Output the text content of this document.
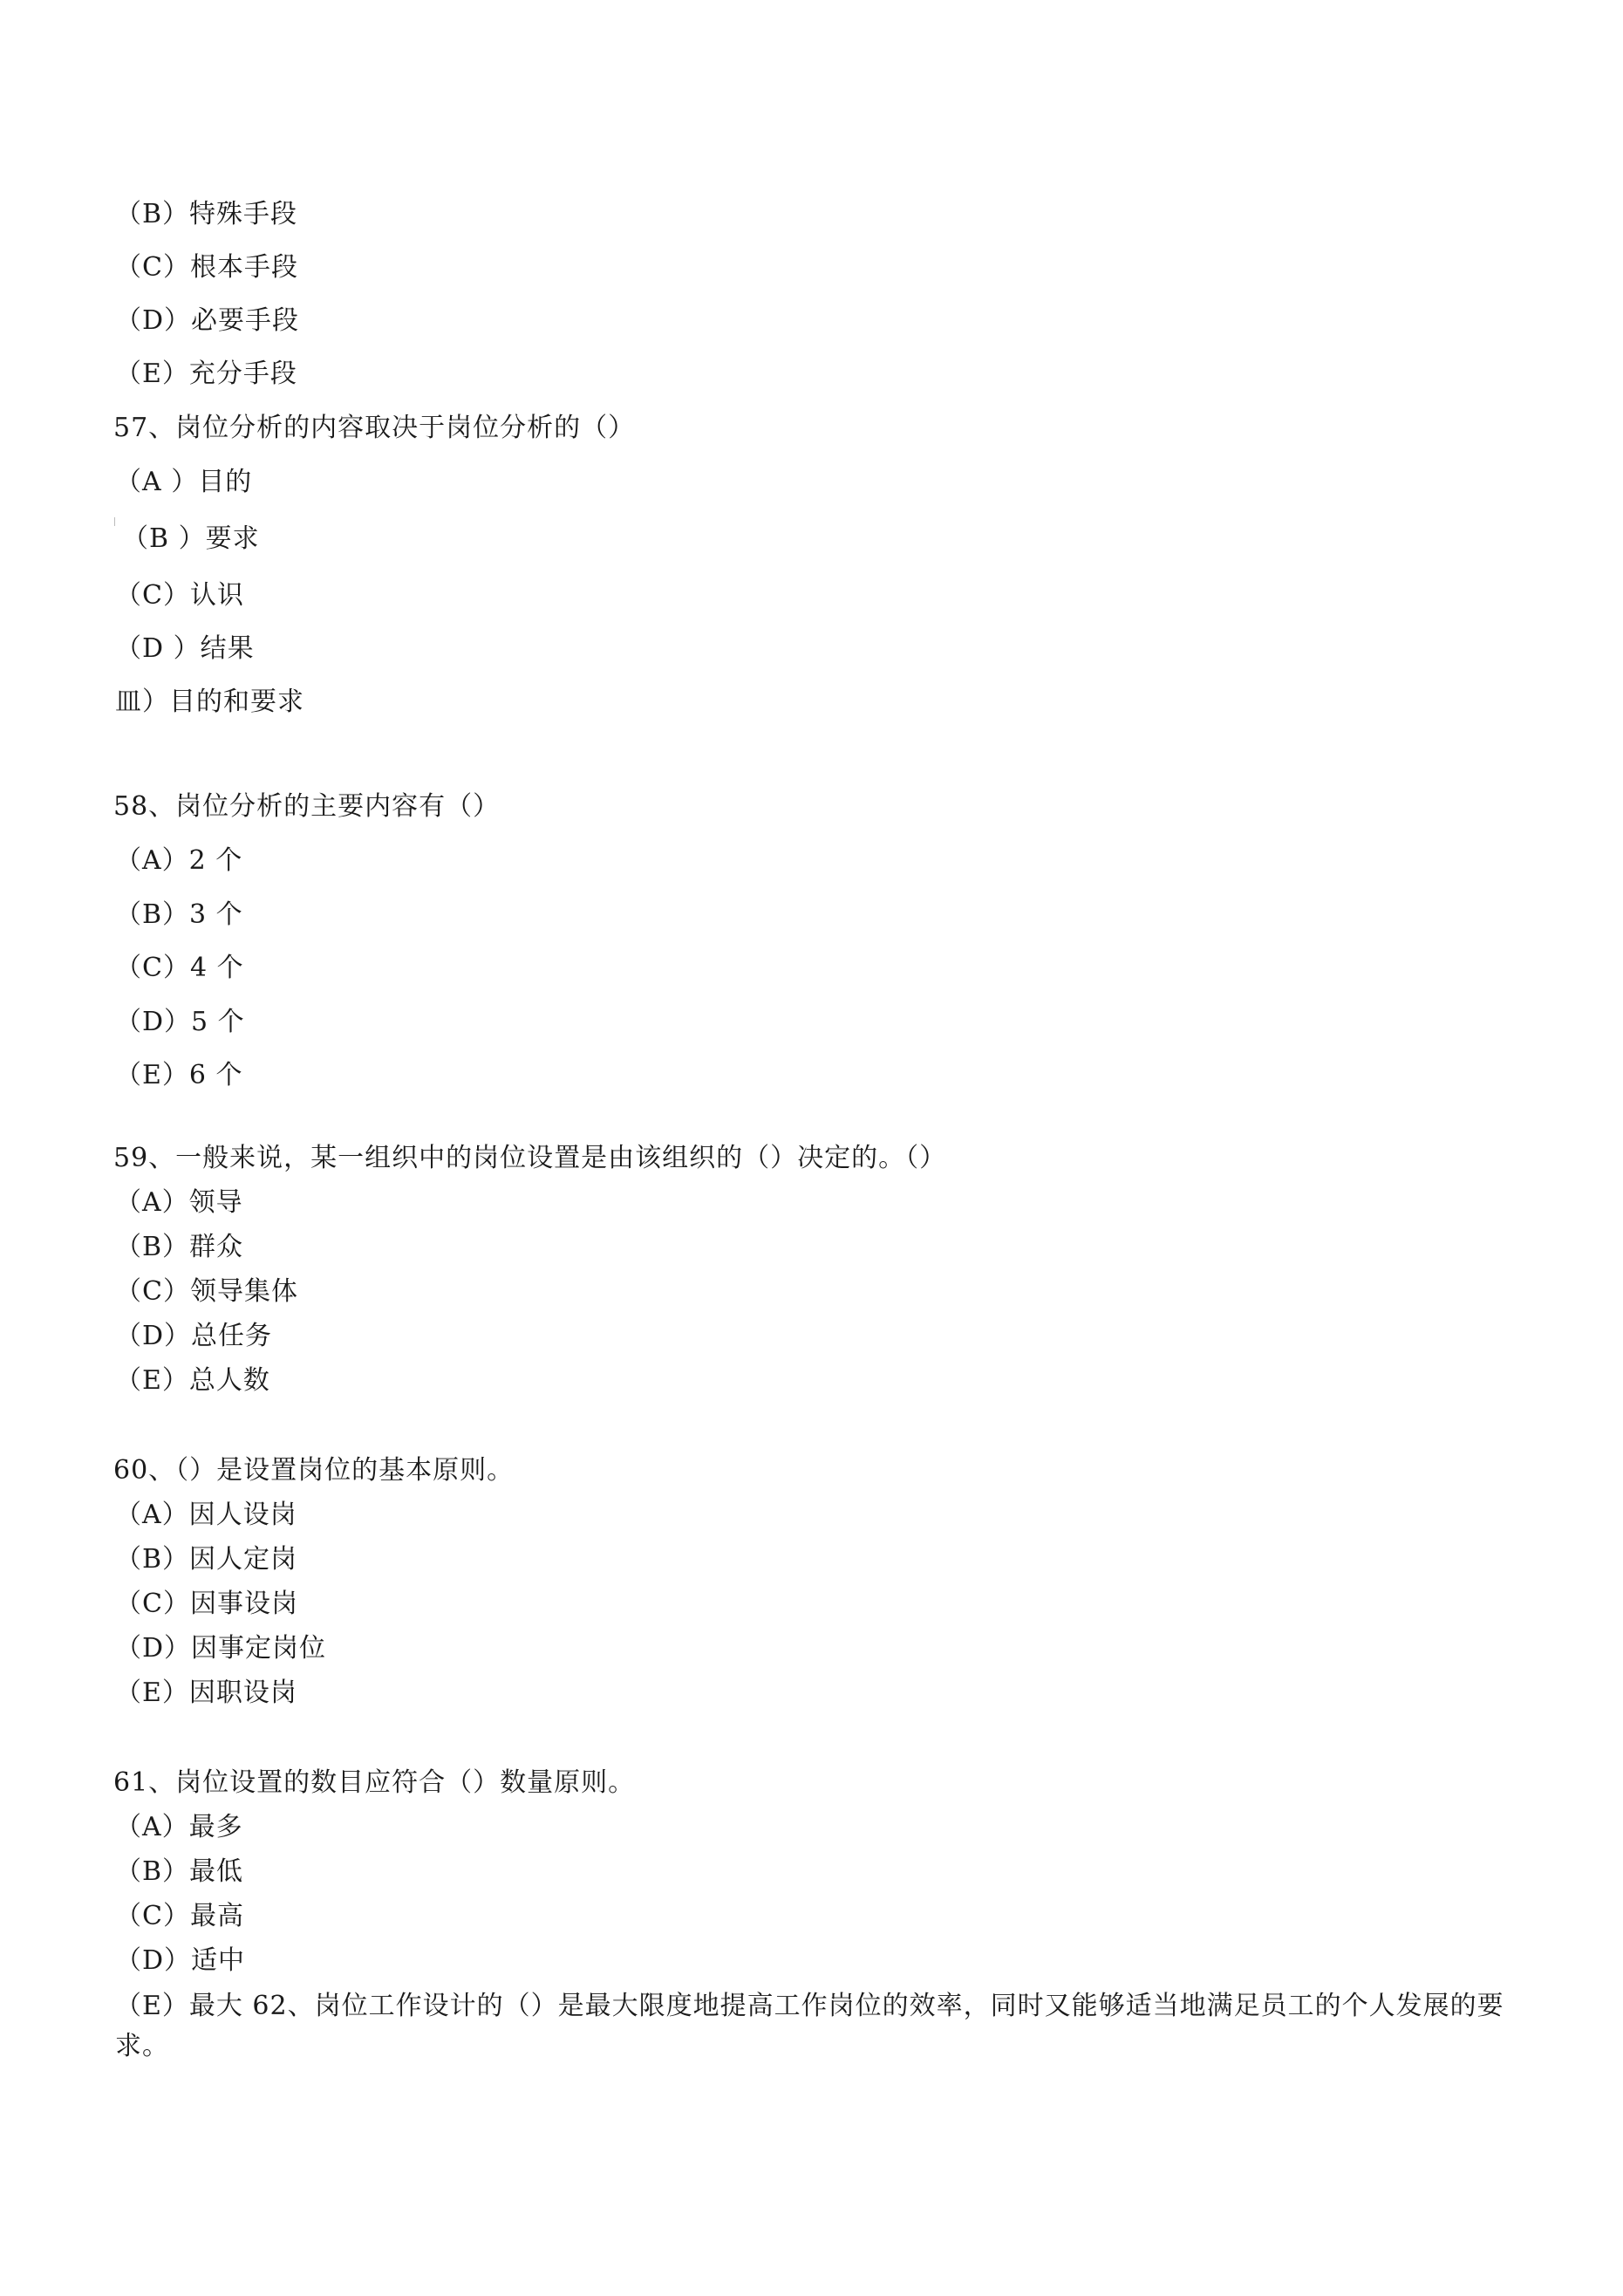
（B）特殊手段
（C）根本手段
（D）必要手段
（E）充分手段
57、岗位分析的内容取决于岗位分析的（）
（A ）目的
（B ）要求
（C）认识
（D ）结果
皿）目的和要求
58、岗位分析的主要内容有（）
（A）2 个
（B）3 个
（C）4 个
（D）5 个
（E）6 个
59、一般来说，某一组织中的岗位设置是由该组织的（）决定的。（）
（A）领导
（B）群众
（C）领导集体
（D）总任务
（E）总人数
60、（）是设置岗位的基本原则。
（A）因人设岗
（B）因人定岗
（C）因事设岗
（D）因事定岗位
（E）因职设岗
61、岗位设置的数目应符合（）数量原则。
（A）最多
（B）最低
（C）最高
（D）适中
（E）最大 62、岗位工作设计的（）是最大限度地提高工作岗位的效率，同时又能够适当地满足员工的个人发展的要求。
